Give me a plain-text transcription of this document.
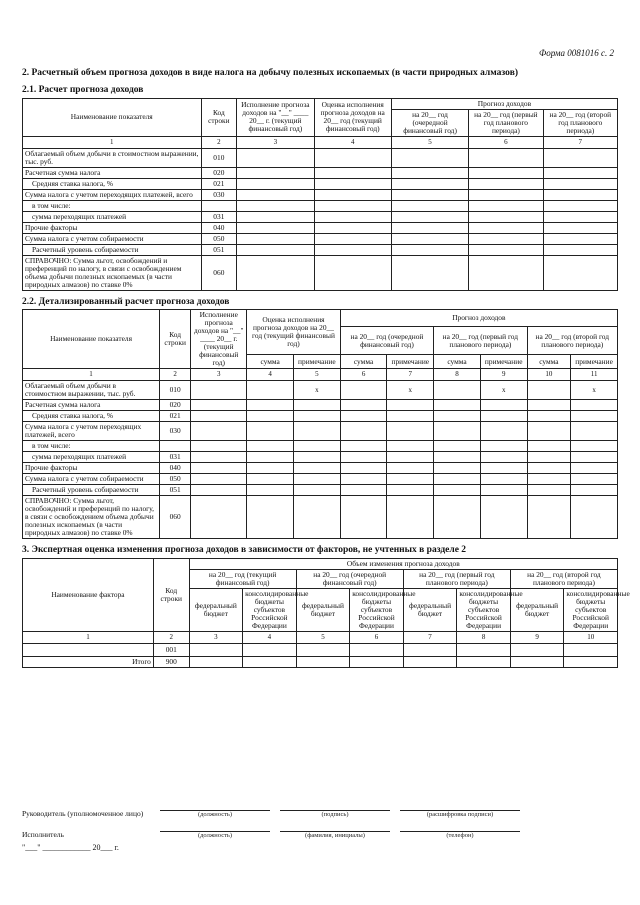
Форма 0081016 с. 2
2. Расчетный объем прогноза доходов в виде налога на добычу полезных ископаемых (в части природных алмазов)
2.1. Расчет прогноза доходов
Наименование показателя	Код строки	Исполнение прогноза доходов на "__" ____ 20__ г. (текущий финансовый год)	Оценка исполнения прогноза доходов на 20__ год (текущий финансовый год)	Прогноз доходов		
				на 20__ год (очередной финансовый год)	на 20__ год (первый год планового периода)	на 20__ год (второй год планового периода)
1	2	3	4	5	6	7
Облагаемый объем добычи в стоимостном выражении, тыс. руб.	010					
Расчетная сумма налога	020					
Средняя ставка налога, %	021					
Сумма налога с учетом переходящих платежей, всего	030					
в том числе:						
сумма переходящих платежей	031					
Прочие факторы	040					
Сумма налога с учетом собираемости	050					
Расчетный уровень собираемости	051					
СПРАВОЧНО: Сумма льгот, освобождений и преференций по налогу, в связи с освобождением объема добычи полезных ископаемых (в части природных алмазов) по ставке 0%	060					
2.2. Детализированный расчет прогноза доходов
Наименование показателя	Код строки	Исполнение прогноза доходов на "__" ____ 20__ г. (текущий финансовый год)	Оценка исполнения прогноза доходов на 20__ год (текущий финансовый год)		Прогноз доходов					
					на 20__ год (очередной финансовый год)		на 20__ год (первый год планового периода)		на 20__ год (второй год планового периода)	
			сумма	примечание	сумма	примечание	сумма	примечание	сумма	примечание
1	2	3	4	5	6	7	8	9	10	11
Облагаемый объем добычи в стоимостном выражении, тыс. руб.	010			x		x		x		x
Расчетная сумма налога	020									
Средняя ставка налога, %	021									
Сумма налога с учетом переходящих платежей, всего	030									
в том числе:										
сумма переходящих платежей	031									
Прочие факторы	040									
Сумма налога с учетом собираемости	050									
Расчетный уровень собираемости	051									
СПРАВОЧНО: Сумма льгот, освобождений и преференций по налогу, в связи с освобождением объема добычи полезных ископаемых (в части природных алмазов) по ставке 0%	060									
3. Экспертная оценка изменения прогноза доходов в зависимости от факторов, не учтенных в разделе 2
Наименование фактора	Код строки	Объем изменения прогноза доходов							
		на 20__ год (текущий финансовый год)		на 20__ год (очередной финансовый год)		на 20__ год (первый год планового периода)		на 20__ год (второй год планового периода)	
		федеральный бюджет	консолидированные бюджеты субъектов Российской Федерации	федеральный бюджет	консолидированные бюджеты субъектов Российской Федерации	федеральный бюджет	консолидированные бюджеты субъектов Российской Федерации	федеральный бюджет	консолидированные бюджеты субъектов Российской Федерации
1	2	3	4	5	6	7	8	9	10
	001								
Итого	900								
Руководитель (уполномоченное лицо)	(должность)	(подпись)	(расшифровка подписи)
Исполнитель	(должность)	(фамилия, инициалы)	(телефон)
"___" ____________ 20___ г.
